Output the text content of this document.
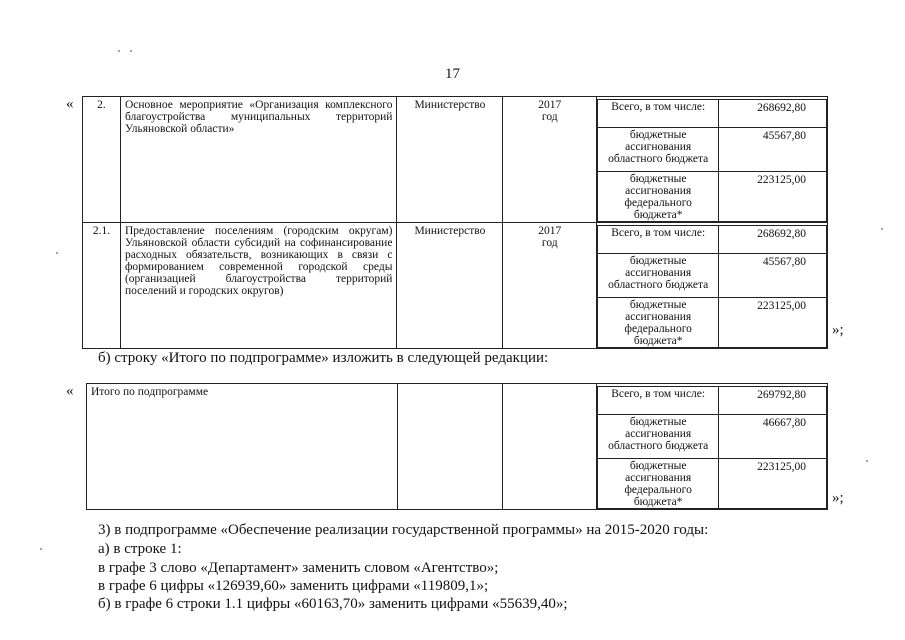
17
« 2.	Основное мероприятие «Организация комплексного благоустройства муниципальных территорий Ульяновской области»	Министерство	2017 год

Всего, в том числе:	268692,80
бюджетные ассигнования областного бюджета	45567,80
бюджетные ассигнования федерального бюджета*	223125,00

2.1.	Предоставление поселениям (городским округам) Ульяновской области субсидий на софинансирование расходных обязательств, возникающих в связи с формированием современной городской среды (организацией благоустройства территорий поселений и городских округов)	Министерство	2017 год

Всего, в том числе:	268692,80
бюджетные ассигнования областного бюджета	45567,80
бюджетные ассигнования федерального бюджета*	223125,00
»;
б) строку «Итого по подпрограмме» изложить в следующей редакции:
« Итого по подпрограмме				Всего, в том числе:	269792,80
бюджетные ассигнования областного бюджета	46667,80
бюджетные ассигнования федерального бюджета*	223125,00
»;
3) в подпрограмме «Обеспечение реализации государственной программы» на 2015-2020 годы:
а) в строке 1:
в графе 3 слово «Департамент» заменить словом «Агентство»;
в графе 6 цифры «126939,60» заменить цифрами «119809,1»;
б) в графе 6 строки 1.1 цифры «60163,70» заменить цифрами «55639,40»;
